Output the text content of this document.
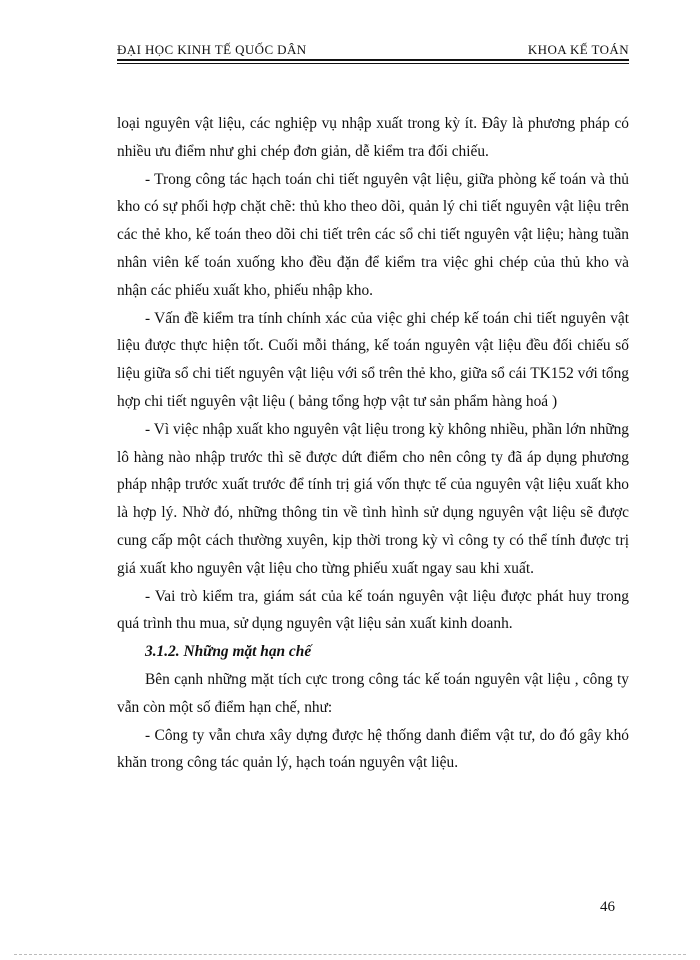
ĐẠI HỌC KINH TẾ QUỐC DÂN	KHOA KẾ TOÁN

loại nguyên vật liệu, các nghiệp vụ nhập xuất trong kỳ ít. Đây là phương pháp có nhiều ưu điểm như ghi chép đơn giản, dễ kiểm tra đối chiếu.

- Trong công tác hạch toán chi tiết nguyên vật liệu, giữa phòng kế toán và thủ kho có sự phối hợp chặt chẽ: thủ kho theo dõi, quản lý chi tiết nguyên vật liệu trên các thẻ kho, kế toán theo dõi chi tiết trên các sổ chi tiết nguyên vật liệu; hàng tuần nhân viên kế toán xuống kho đều đặn để kiểm tra việc ghi chép của thủ kho và nhận các phiếu xuất kho, phiếu nhập kho.

- Vấn đề kiểm tra tính chính xác của việc ghi chép kế toán chi tiết nguyên vật liệu được thực hiện tốt. Cuối mỗi tháng, kế toán nguyên vật liệu đều đối chiếu số liệu giữa sổ chi tiết nguyên vật liệu với sổ trên thẻ kho, giữa sổ cái TK152 với tổng hợp chi tiết nguyên vật liệu ( bảng tổng hợp vật tư sản phẩm hàng hoá )

- Vì việc nhập xuất kho nguyên vật liệu trong kỳ không nhiều, phần lớn những lô hàng nào nhập trước thì sẽ được dứt điểm cho nên công ty đã áp dụng phương pháp nhập trước xuất trước để tính trị giá vốn thực tế của nguyên vật liệu xuất kho là hợp lý. Nhờ đó, những thông tin về tình hình sử dụng nguyên vật liệu sẽ được cung cấp một cách thường xuyên, kịp thời trong kỳ vì công ty có thể tính được trị giá xuất kho nguyên vật liệu cho từng phiếu xuất ngay sau khi xuất.

- Vai trò kiểm tra, giám sát của kế toán nguyên vật liệu được phát huy trong quá trình thu mua, sử dụng nguyên vật liệu sản xuất kinh doanh.

3.1.2. Những mặt hạn chế

Bên cạnh những mặt tích cực trong công tác kế toán nguyên vật liệu , công ty vẫn còn một số điểm hạn chế, như:

- Công ty vẫn chưa xây dựng được hệ thống danh điểm vật tư, do đó gây khó khăn trong công tác quản lý, hạch toán nguyên vật liệu.

46
